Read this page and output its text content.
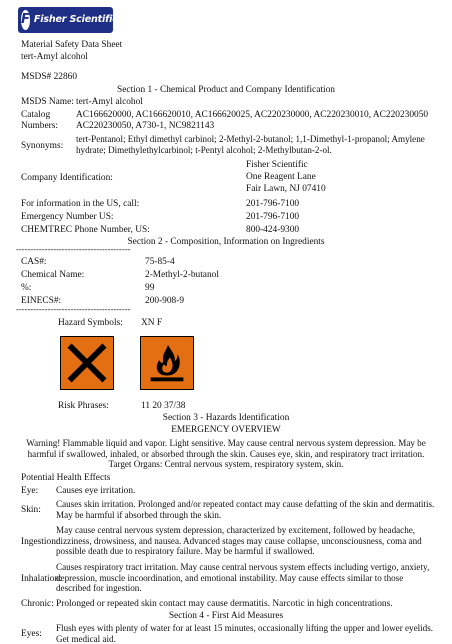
F Fisher Scientific
Material Safety Data Sheet
tert-Amyl alcohol
MSDS# 22860
Section 1 - Chemical Product and Company Identification
MSDS Name: tert-Amyl alcohol
Catalog
Numbers:
AC166620000, AC166620010, AC166620025, AC220230000, AC220230010, AC220230050
AC220230050, A730-1, NC9821143
Synonyms:
tert-Pentanol; Ethyl dimethyl carbinol; 2-Methyl-2-butanol; 1,1-Dimethyl-1-propanol; Amylene hydrate; Dimethylethylcarbinol; t-Pentyl alcohol; 2-Methylbutan-2-ol.
Company Identification:
Fisher Scientific
One Reagent Lane
Fair Lawn, NJ 07410
For information in the US, call:	201-796-7100
Emergency Number US:	201-796-7100
CHEMTREC Phone Number, US:	800-424-9300
Section 2 - Composition, Information on Ingredients
----------------------------------------
CAS#:	75-85-4
Chemical Name:	2-Methyl-2-butanol
%:	99
EINECS#:	200-908-9
----------------------------------------
Hazard Symbols: XN F
Risk Phrases:	11 20 37/38
Section 3 - Hazards Identification
EMERGENCY OVERVIEW
Warning! Flammable liquid and vapor. Light sensitive. May cause central nervous system depression. May be harmful if swallowed, inhaled, or absorbed through the skin. Causes eye, skin, and respiratory tract irritation. Target Organs: Central nervous system, respiratory system, skin.
Potential Health Effects
Eye: Causes eye irritation.
Skin:
Causes skin irritation. Prolonged and/or repeated contact may cause defatting of the skin and dermatitis. May be harmful if absorbed through the skin.
Ingestion:
May cause central nervous system depression, characterized by excitement, followed by headache, dizziness, drowsiness, and nausea. Advanced stages may cause collapse, unconsciousness, coma and possible death due to respiratory failure. May be harmful if swallowed.
Inhalation:
Causes respiratory tract irritation. May cause central nervous system effects including vertigo, anxiety, depression, muscle incoordination, and emotional instability. May cause effects similar to those described for ingestion.
Chronic: Prolonged or repeated skin contact may cause dermatitis. Narcotic in high concentrations.
Section 4 - First Aid Measures
Eyes:
Flush eyes with plenty of water for at least 15 minutes, occasionally lifting the upper and lower eyelids. Get medical aid.
